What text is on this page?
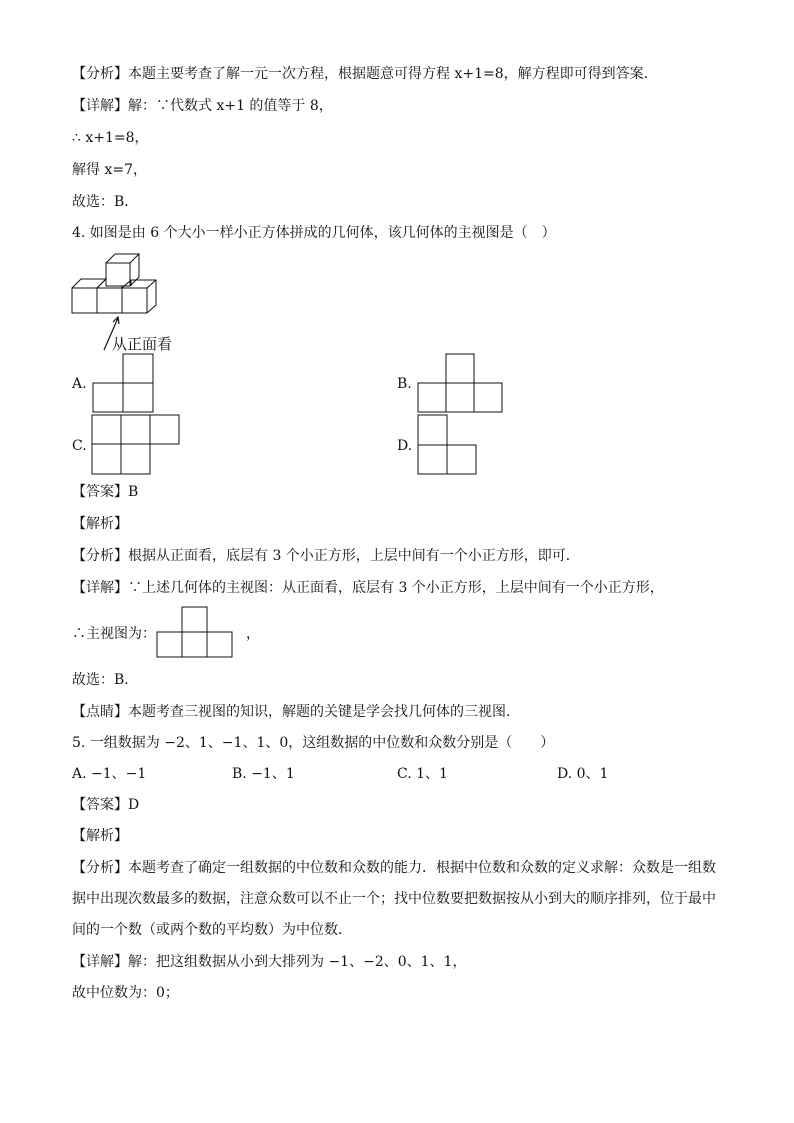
【分析】本题主要考查了解一元一次方程，根据题意可得方程 x+1=8，解方程即可得到答案．
【详解】解：∵代数式 x+1 的值等于 8，
∴ x+1=8，
解得 x=7，
故选：B．
4. 如图是由 6 个大小一样小正方体拼成的几何体，该几何体的主视图是（　）
从正面看
A.	B.
C.	D.
【答案】B
【解析】
【分析】根据从正面看，底层有 3 个小正方形，上层中间有一个小正方形，即可．
【详解】∵上述几何体的主视图：从正面看，底层有 3 个小正方形，上层中间有一个小正方形，
∴主视图为：	，
故选：B．
【点睛】本题考查三视图的知识，解题的关键是学会找几何体的三视图．
5. 一组数据为 −2、1、−1、1、0，这组数据的中位数和众数分别是（　　）
A. −1、−1	B. −1、1	C. 1、1	D. 0、1
【答案】D
【解析】
【分析】本题考查了确定一组数据的中位数和众数的能力．根据中位数和众数的定义求解：众数是一组数
据中出现次数最多的数据，注意众数可以不止一个；找中位数要把数据按从小到大的顺序排列，位于最中
间的一个数（或两个数的平均数）为中位数．
【详解】解：把这组数据从小到大排列为 −1、−2、0、1、1，
故中位数为：0；
